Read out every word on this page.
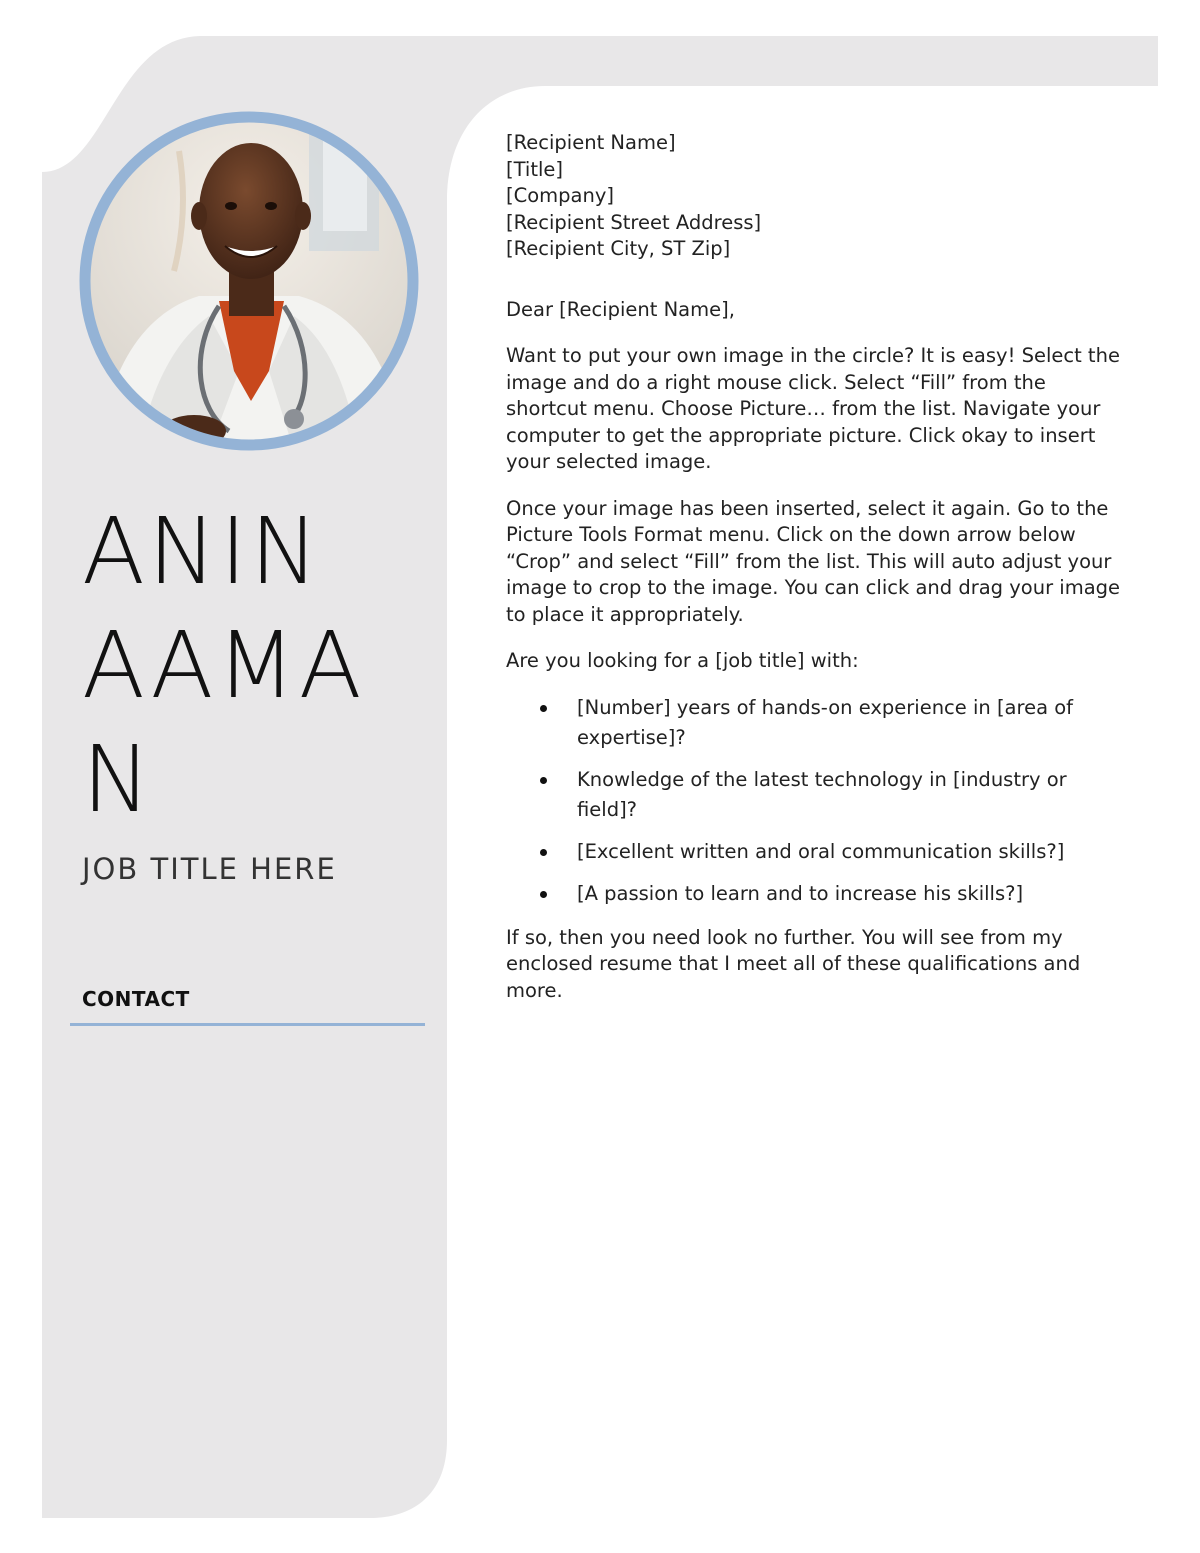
ANIN
AAMA
N
JOB TITLE HERE
CONTACT
[Recipient Name]
[Title]
[Company]
[Recipient Street Address]
[Recipient City, ST Zip]
Dear [Recipient Name],

Want to put your own image in the circle? It is easy! Select the image and do a right mouse click. Select “Fill” from the shortcut menu. Choose Picture… from the list. Navigate your computer to get the appropriate picture. Click okay to insert your selected image.

Once your image has been inserted, select it again. Go to the Picture Tools Format menu. Click on the down arrow below “Crop” and select “Fill” from the list. This will auto adjust your image to crop to the image. You can click and drag your image to place it appropriately.

Are you looking for a [job title] with:

[Number] years of hands-on experience in [area of expertise]?
Knowledge of the latest technology in [industry or field]?
[Excellent written and oral communication skills?]
[A passion to learn and to increase his skills?]

If so, then you need look no further. You will see from my enclosed resume that I meet all of these qualifications and more.
